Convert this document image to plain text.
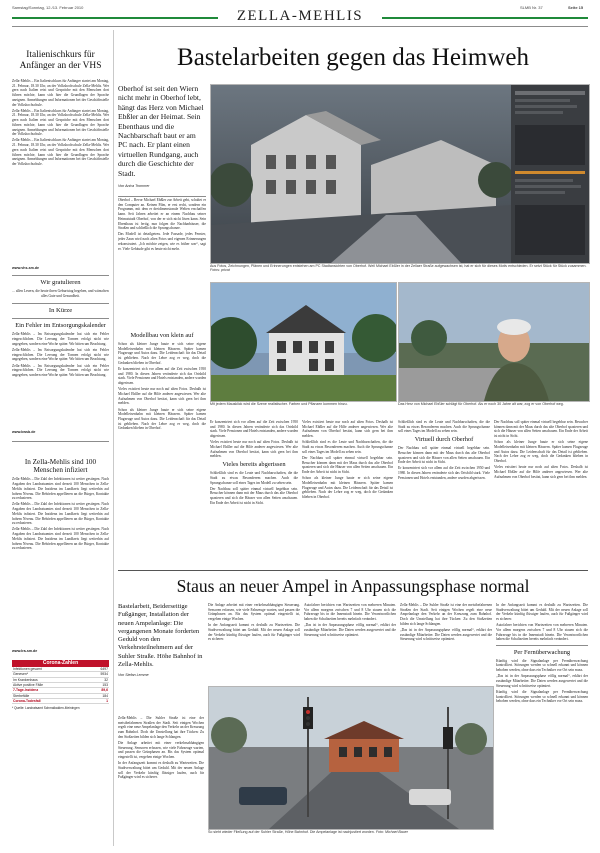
Samstag/Sonntag, 12./13. Februar 2010	SLMB Nr. 37	Seite 15
ZELLA-MEHLIS
Italienischkurs für Anfänger an der VHS

Zella-Mehlis – Ein Italienischkurs für Anfänger startet am Montag, 21. Februar, 18.30 Uhr, an der Volkshochschule Zella-Mehlis. Wer gern nach Italien reist und Gespräche mit den Menschen dort führen möchte, kann sich hier die Grundlagen der Sprache aneignen. Anmeldungen und Informationen bei der Geschäftsstelle der Volkshochschule.

Zella-Mehlis – Ein Italienischkurs für Anfänger startet am Montag, 21. Februar, 18.30 Uhr, an der Volkshochschule Zella-Mehlis. Wer gern nach Italien reist und Gespräche mit den Menschen dort führen möchte, kann sich hier die Grundlagen der Sprache aneignen. Anmeldungen und Informationen bei der Geschäftsstelle der Volkshochschule.

Zella-Mehlis – Ein Italienischkurs für Anfänger startet am Montag, 21. Februar, 18.30 Uhr, an der Volkshochschule Zella-Mehlis. Wer gern nach Italien reist und Gespräche mit den Menschen dort führen möchte, kann sich hier die Grundlagen der Sprache aneignen. Anmeldungen und Informationen bei der Geschäftsstelle der Volkshochschule.

www.vhs-sm.de
Wir gratulieren
... allen Lesern, die heute ihren Geburtstag begehen, und wünschen alles Gute und Gesundheit.
In Kürze
Ein Fehler im Entsorgungskalender

Zella-Mehlis – Im Entsorgungskalender hat sich ein Fehler eingeschlichen. Die Leerung der Tonnen erfolgt nicht wie angegeben, sondern eine Woche später. Wir bitten um Beachtung.

Zella-Mehlis – Im Entsorgungskalender hat sich ein Fehler eingeschlichen. Die Leerung der Tonnen erfolgt nicht wie angegeben, sondern eine Woche später. Wir bitten um Beachtung.

Zella-Mehlis – Im Entsorgungskalender hat sich ein Fehler eingeschlichen. Die Leerung der Tonnen erfolgt nicht wie angegeben, sondern eine Woche später. Wir bitten um Beachtung.

www.kwsb.de
In Zella-Mehlis sind 100 Menschen infiziert

Zella-Mehlis – Die Zahl der Infektionen ist weiter gestiegen. Nach Angaben des Landratsamtes sind derzeit 100 Menschen in Zella-Mehlis infiziert. Die Inzidenz im Landkreis liegt weiterhin auf hohem Niveau. Die Behörden appellieren an die Bürger, Kontakte zu reduzieren.

Zella-Mehlis – Die Zahl der Infektionen ist weiter gestiegen. Nach Angaben des Landratsamtes sind derzeit 100 Menschen in Zella-Mehlis infiziert. Die Inzidenz im Landkreis liegt weiterhin auf hohem Niveau. Die Behörden appellieren an die Bürger, Kontakte zu reduzieren.

Zella-Mehlis – Die Zahl der Infektionen ist weiter gestiegen. Nach Angaben des Landratsamtes sind derzeit 100 Menschen in Zella-Mehlis infiziert. Die Inzidenz im Landkreis liegt weiterhin auf hohem Niveau. Die Behörden appellieren an die Bürger, Kontakte zu reduzieren.

www.lra-sm.de
Corona-Zahlen
Infektionen gesamt	6497
Genesen*	5934
Im Krankenhaus	32
Aktive positive Fälle	153
7-Tage-Inzidenz	89,6
Sterbefälle	184
Corona-Todesfall	1
* Quelle: Landratsamt Schmalkalden-Meiningen
Bastelarbeiten gegen das Heimweh
Oberhof ist seit den Wiern nicht mehr in Oberhof lebt, hängt das Herz von Michael Ebßler an der Heimat. Sein Ebenthaus und die Nachbarschaft baut er am PC nach. Er plant einen virtuellen Rundgang, auch durch die Geschichte der Stadt.
Von Anica Trommer

Oberhof – Bevor Michael Ebßler zur Arbeit geht, schaltet er den Computer an. Keinen Film, er erst recht, sondern ein Programm, mit dem er dreidimensionale Welten erschaffen kann. Seit Jahren arbeitet er an einem Nachbau seiner Heimatstadt Oberhof, von der er sich nicht lösen kann. Sein Ebenthaus ist fertig, nun folgen die Nachbarhäuser, die Straßen und schließlich die Sprungschanze.

Das Modell ist detailgetreu. Jede Fassade, jedes Fenster, jeder Zaun wird nach alten Fotos und eigenen Erinnerungen rekonstruiert. „Ich möchte zeigen, wie es früher war“, sagt er. Viele Gebäude gibt es heute nicht mehr.

Aus Fotos, Zeichnungen, Plänen und Erinnerungen entstehen am PC Stadtansichten von Oberhof. Weil Michael Ebßler in der Zellaer Straße aufgewachsen ist, hat er sich für dieses Motiv entschieden. Er setzt Stück für Stück zusammen. Fotos: privat
Mit jedem Mausklick wird die Szene realistischer. Farben und Pflanzen kommen hinzu.	Das Herz von Michael Ebßler schlägt für Oberhof. Als er noch 30 Jahre alt war, zog er von Oberhof weg.
Modellbau von klein auf

Schon als kleiner Junge baute er sich seine eigene Modelleisenbahn mit kleinen Häusern. Später kamen Flugzeuge und Autos dazu. Die Leidenschaft für das Detail ist geblieben. Nach der Lehre zog er weg, doch die Gedanken blieben in Oberhof.

Er konzentriert sich vor allem auf die Zeit zwischen 1950 und 1980. In diesen Jahren veränderte sich das Ortsbild stark. Viele Pensionen und Hotels entstanden, andere wurden abgerissen.

Vieles existiert heute nur noch auf alten Fotos. Deshalb ist Michael Ebßler auf die Hilfe anderer angewiesen. Wer alte Aufnahmen von Oberhof besitzt, kann sich gern bei ihm melden.

Schon als kleiner Junge baute er sich seine eigene Modelleisenbahn mit kleinen Häusern. Später kamen Flugzeuge und Autos dazu. Die Leidenschaft für das Detail ist geblieben. Nach der Lehre zog er weg, doch die Gedanken blieben in Oberhof.

Er konzentriert sich vor allem auf die Zeit zwischen 1950 und 1980. In diesen Jahren veränderte sich das Ortsbild stark. Viele Pensionen und Hotels entstanden, andere wurden abgerissen.

Vieles existiert heute nur noch auf alten Fotos. Deshalb ist Michael Ebßler auf die Hilfe anderer angewiesen. Wer alte Aufnahmen von Oberhof besitzt, kann sich gern bei ihm melden.

Vieles bereits abgerissen

Schließlich sind es die Leute und Nachbarschaften, die die Stadt zu etwas Besonderem machen. Auch die Sprungschanze soll eines Tages im Modell zu sehen sein.

Der Nachbau soll später einmal virtuell begehbar sein. Besucher können dann mit der Maus durch das alte Oberhof spazieren und sich die Häuser von allen Seiten anschauen. Ein Ende der Arbeit ist nicht in Sicht.

Vieles existiert heute nur noch auf alten Fotos. Deshalb ist Michael Ebßler auf die Hilfe anderer angewiesen. Wer alte Aufnahmen von Oberhof besitzt, kann sich gern bei ihm melden.

Schließlich sind es die Leute und Nachbarschaften, die die Stadt zu etwas Besonderem machen. Auch die Sprungschanze soll eines Tages im Modell zu sehen sein.

Der Nachbau soll später einmal virtuell begehbar sein. Besucher können dann mit der Maus durch das alte Oberhof spazieren und sich die Häuser von allen Seiten anschauen. Ein Ende der Arbeit ist nicht in Sicht.

Schon als kleiner Junge baute er sich seine eigene Modelleisenbahn mit kleinen Häusern. Später kamen Flugzeuge und Autos dazu. Die Leidenschaft für das Detail ist geblieben. Nach der Lehre zog er weg, doch die Gedanken blieben in Oberhof.

Schließlich sind es die Leute und Nachbarschaften, die die Stadt zu etwas Besonderem machen. Auch die Sprungschanze soll eines Tages im Modell zu sehen sein.

Virtuell durch Oberhof

Der Nachbau soll später einmal virtuell begehbar sein. Besucher können dann mit der Maus durch das alte Oberhof spazieren und sich die Häuser von allen Seiten anschauen. Ein Ende der Arbeit ist nicht in Sicht.

Er konzentriert sich vor allem auf die Zeit zwischen 1950 und 1980. In diesen Jahren veränderte sich das Ortsbild stark. Viele Pensionen und Hotels entstanden, andere wurden abgerissen.

Der Nachbau soll später einmal virtuell begehbar sein. Besucher können dann mit der Maus durch das alte Oberhof spazieren und sich die Häuser von allen Seiten anschauen. Ein Ende der Arbeit ist nicht in Sicht.

Schon als kleiner Junge baute er sich seine eigene Modelleisenbahn mit kleinen Häusern. Später kamen Flugzeuge und Autos dazu. Die Leidenschaft für das Detail ist geblieben. Nach der Lehre zog er weg, doch die Gedanken blieben in Oberhof.

Vieles existiert heute nur noch auf alten Fotos. Deshalb ist Michael Ebßler auf die Hilfe anderer angewiesen. Wer alte Aufnahmen von Oberhof besitzt, kann sich gern bei ihm melden.

Staus an neuer Ampel in Anpassungsphase normal
Bastelarbeit, Beiderseitige Fußgänger, Installation der neuen Ampelanlage: Die vergangenen Monate forderten Geduld von den Verkehrsteilnehmern auf der Suhler Straße. Höhe Bahnhof in Zella-Mehlis.
Von Stefan Lemme

Zella-Mehlis – Die Suhler Straße ist eine der meistbefahrenen Straßen der Stadt. Seit einigen Wochen regelt eine neue Ampelanlage den Verkehr an der Kreuzung zum Bahnhof. Doch die Umstellung hat ihre Tücken: Zu den Stoßzeiten bilden sich lange Schlangen.

Die Anlage arbeitet mit einer verkehrsabhängigen Steuerung. Sensoren erfassen, wie viele Fahrzeuge warten, und passen die Grünphasen an. Bis das System optimal eingestellt ist, vergehen einige Wochen.

In der Anfangszeit kommt es deshalb zu Wartezeiten. Die Stadtverwaltung bittet um Geduld. Mit der neuen Anlage soll der Verkehr künftig flüssiger laufen, auch für Fußgänger wird es sicherer.

Die Anlage arbeitet mit einer verkehrsabhängigen Steuerung. Sensoren erfassen, wie viele Fahrzeuge warten, und passen die Grünphasen an. Bis das System optimal eingestellt ist, vergehen einige Wochen.

In der Anfangszeit kommt es deshalb zu Wartezeiten. Die Stadtverwaltung bittet um Geduld. Mit der neuen Anlage soll der Verkehr künftig flüssiger laufen, auch für Fußgänger wird es sicherer.

Autofahrer berichten von Wartezeiten von mehreren Minuten. Vor allem morgens zwischen 7 und 8 Uhr stauen sich die Fahrzeuge bis in die Innenstadt hinein. Die Verantwortlichen haben die Schaltzeiten bereits mehrfach verändert.

„Das ist in der Anpassungsphase völlig normal“, erklärt der zuständige Mitarbeiter. Die Daten werden ausgewertet und die Steuerung wird schrittweise optimiert.

Zella-Mehlis – Die Suhler Straße ist eine der meistbefahrenen Straßen der Stadt. Seit einigen Wochen regelt eine neue Ampelanlage den Verkehr an der Kreuzung zum Bahnhof. Doch die Umstellung hat ihre Tücken: Zu den Stoßzeiten bilden sich lange Schlangen.

„Das ist in der Anpassungsphase völlig normal“, erklärt der zuständige Mitarbeiter. Die Daten werden ausgewertet und die Steuerung wird schrittweise optimiert.

So sieht wieder Fließung auf der Suhler Straße, Höhe Bahnhof. Die Ampelanlage ist nachjustiert worden. Foto: Michael Bauer

In der Anfangszeit kommt es deshalb zu Wartezeiten. Die Stadtverwaltung bittet um Geduld. Mit der neuen Anlage soll der Verkehr künftig flüssiger laufen, auch für Fußgänger wird es sicherer.

Autofahrer berichten von Wartezeiten von mehreren Minuten. Vor allem morgens zwischen 7 und 8 Uhr stauen sich die Fahrzeuge bis in die Innenstadt hinein. Die Verantwortlichen haben die Schaltzeiten bereits mehrfach verändert.

Per Fernüberwachung

Künftig wird die Signalanlage per Fernüberwachung kontrolliert. Störungen werden so schnell erkannt und können behoben werden, ohne dass ein Techniker vor Ort sein muss.

„Das ist in der Anpassungsphase völlig normal“, erklärt der zuständige Mitarbeiter. Die Daten werden ausgewertet und die Steuerung wird schrittweise optimiert.

Künftig wird die Signalanlage per Fernüberwachung kontrolliert. Störungen werden so schnell erkannt und können behoben werden, ohne dass ein Techniker vor Ort sein muss.
